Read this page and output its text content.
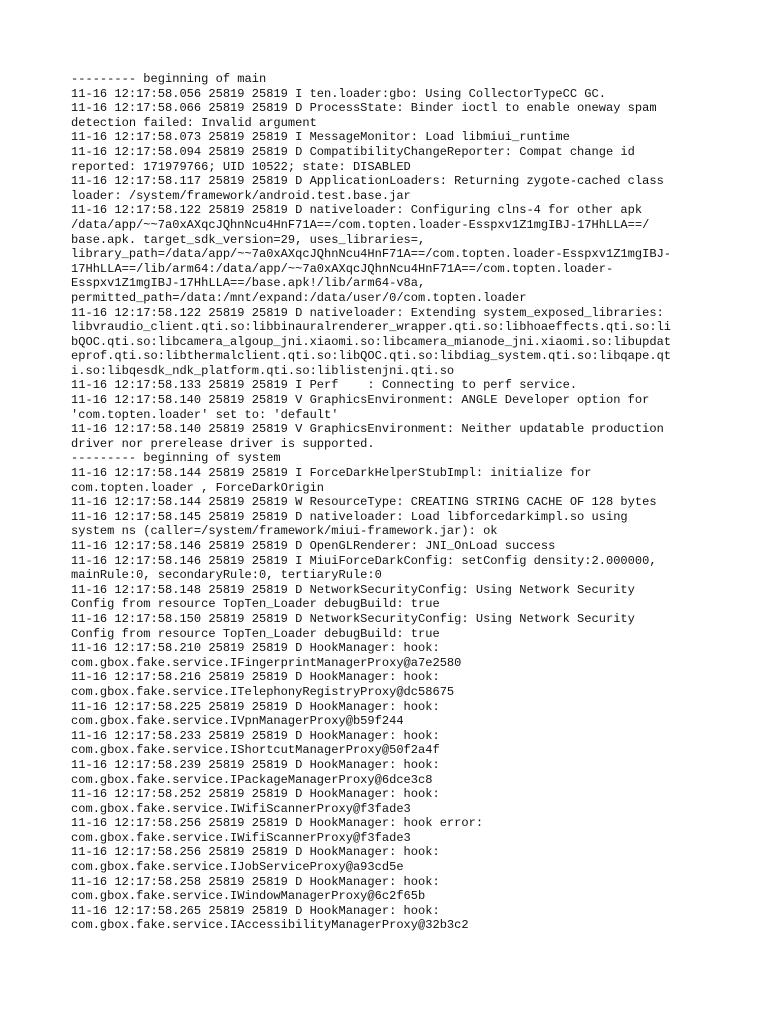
--------- beginning of main

11-16 12:17:58.056 25819 25819 I ten.loader:gbo: Using CollectorTypeCC GC.

11-16 12:17:58.066 25819 25819 D ProcessState: Binder ioctl to enable oneway spam

detection failed: Invalid argument

11-16 12:17:58.073 25819 25819 I MessageMonitor: Load libmiui_runtime

11-16 12:17:58.094 25819 25819 D CompatibilityChangeReporter: Compat change id

reported: 171979766; UID 10522; state: DISABLED

11-16 12:17:58.117 25819 25819 D ApplicationLoaders: Returning zygote-cached class

loader: /system/framework/android.test.base.jar

11-16 12:17:58.122 25819 25819 D nativeloader: Configuring clns-4 for other apk

/data/app/~~7a0xAXqcJQhnNcu4HnF71A==/com.topten.loader-Esspxv1Z1mgIBJ-17HhLLA==/

base.apk. target_sdk_version=29, uses_libraries=,

library_path=/data/app/~~7a0xAXqcJQhnNcu4HnF71A==/com.topten.loader-Esspxv1Z1mgIBJ-

17HhLLA==/lib/arm64:/data/app/~~7a0xAXqcJQhnNcu4HnF71A==/com.topten.loader-

Esspxv1Z1mgIBJ-17HhLLA==/base.apk!/lib/arm64-v8a,

permitted_path=/data:/mnt/expand:/data/user/0/com.topten.loader

11-16 12:17:58.122 25819 25819 D nativeloader: Extending system_exposed_libraries:

libvraudio_client.qti.so:libbinauralrenderer_wrapper.qti.so:libhoaeffects.qti.so:li

bQOC.qti.so:libcamera_algoup_jni.xiaomi.so:libcamera_mianode_jni.xiaomi.so:libupdat

eprof.qti.so:libthermalclient.qti.so:libQOC.qti.so:libdiag_system.qti.so:libqape.qt

i.so:libqesdk_ndk_platform.qti.so:liblistenjni.qti.so

11-16 12:17:58.133 25819 25819 I Perf    : Connecting to perf service.

11-16 12:17:58.140 25819 25819 V GraphicsEnvironment: ANGLE Developer option for

'com.topten.loader' set to: 'default'

11-16 12:17:58.140 25819 25819 V GraphicsEnvironment: Neither updatable production

driver nor prerelease driver is supported.

--------- beginning of system

11-16 12:17:58.144 25819 25819 I ForceDarkHelperStubImpl: initialize for

com.topten.loader , ForceDarkOrigin

11-16 12:17:58.144 25819 25819 W ResourceType: CREATING STRING CACHE OF 128 bytes

11-16 12:17:58.145 25819 25819 D nativeloader: Load libforcedarkimpl.so using

system ns (caller=/system/framework/miui-framework.jar): ok

11-16 12:17:58.146 25819 25819 D OpenGLRenderer: JNI_OnLoad success

11-16 12:17:58.146 25819 25819 I MiuiForceDarkConfig: setConfig density:2.000000,

mainRule:0, secondaryRule:0, tertiaryRule:0

11-16 12:17:58.148 25819 25819 D NetworkSecurityConfig: Using Network Security

Config from resource TopTen_Loader debugBuild: true

11-16 12:17:58.150 25819 25819 D NetworkSecurityConfig: Using Network Security

Config from resource TopTen_Loader debugBuild: true

11-16 12:17:58.210 25819 25819 D HookManager: hook:

com.gbox.fake.service.IFingerprintManagerProxy@a7e2580

11-16 12:17:58.216 25819 25819 D HookManager: hook:

com.gbox.fake.service.ITelephonyRegistryProxy@dc58675

11-16 12:17:58.225 25819 25819 D HookManager: hook:

com.gbox.fake.service.IVpnManagerProxy@b59f244

11-16 12:17:58.233 25819 25819 D HookManager: hook:

com.gbox.fake.service.IShortcutManagerProxy@50f2a4f

11-16 12:17:58.239 25819 25819 D HookManager: hook:

com.gbox.fake.service.IPackageManagerProxy@6dce3c8

11-16 12:17:58.252 25819 25819 D HookManager: hook:

com.gbox.fake.service.IWifiScannerProxy@f3fade3

11-16 12:17:58.256 25819 25819 D HookManager: hook error:

com.gbox.fake.service.IWifiScannerProxy@f3fade3

11-16 12:17:58.256 25819 25819 D HookManager: hook:

com.gbox.fake.service.IJobServiceProxy@a93cd5e

11-16 12:17:58.258 25819 25819 D HookManager: hook:

com.gbox.fake.service.IWindowManagerProxy@6c2f65b

11-16 12:17:58.265 25819 25819 D HookManager: hook:

com.gbox.fake.service.IAccessibilityManagerProxy@32b3c2
